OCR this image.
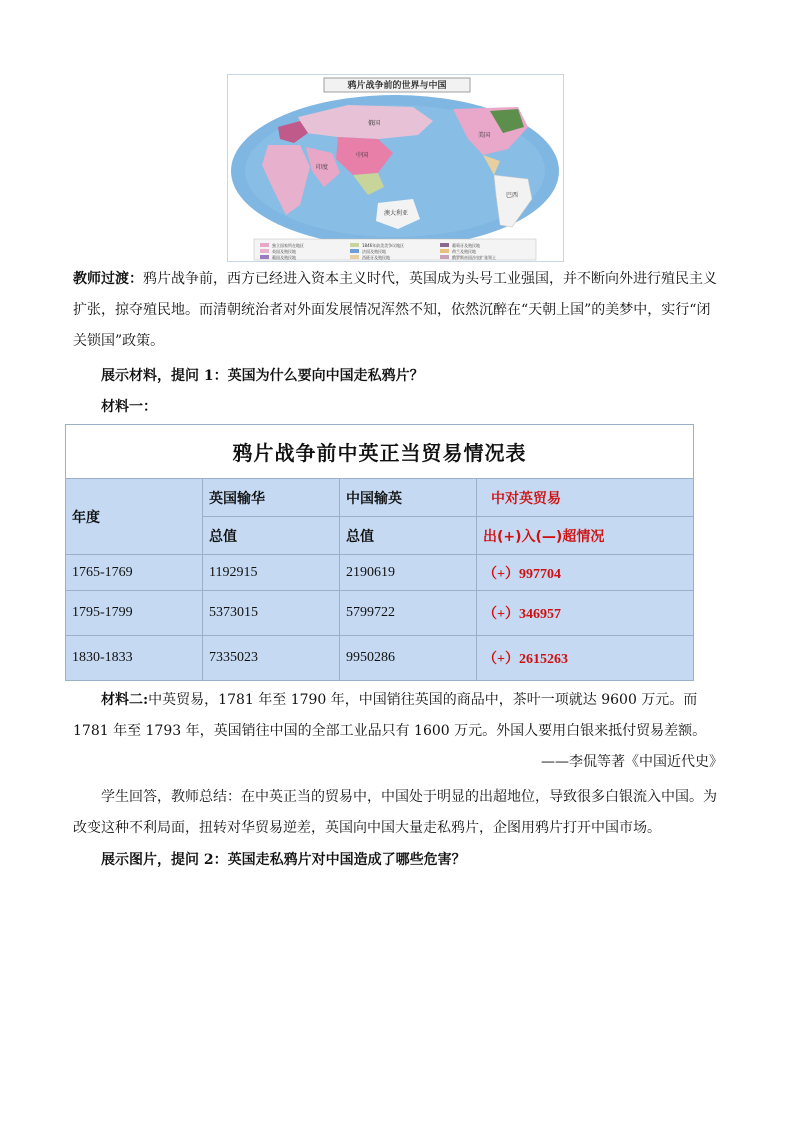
鸦片战争前的世界与中国
俄国
中国
印度
澳大利亚
美国
巴西
独立国家所在地区
英国及殖民地
葡国及殖民地
1846年前美美争议地区
法国及殖民地
西班牙及殖民地
葡萄牙及殖民地
荷兰及殖民地
俄罗斯帝国沙皇扩张领土

教师过渡：鸦片战争前，西方已经进入资本主义时代，英国成为头号工业强国，并不断向外进行殖民主义扩张，掠夺殖民地。而清朝统治者对外面发展情况浑然不知，依然沉醉在“天朝上国”的美梦中，实行“闭关锁国”政策。

展示材料，提问 1：英国为什么要向中国走私鸦片？

材料一：

鸦片战争前中英正当贸易情况表			
年度	英国输华	中国输英	中对英贸易
	总值	总值	出(+)入(—)超情况
1765-1769	1192915	2190619	（+）997704
1795-1799	5373015	5799722	（+）346957
1830-1833	7335023	9950286	（+）2615263

材料二:中英贸易，1781 年至 1790 年，中国销往英国的商品中，茶叶一项就达 9600 万元。而 1781 年至 1793 年，英国销往中国的全部工业品只有 1600 万元。外国人要用白银来抵付贸易差额。

——李侃等著《中国近代史》

学生回答，教师总结：在中英正当的贸易中，中国处于明显的出超地位，导致很多白银流入中国。为改变这种不利局面，扭转对华贸易逆差，英国向中国大量走私鸦片，企图用鸦片打开中国市场。

展示图片，提问 2：英国走私鸦片对中国造成了哪些危害？
